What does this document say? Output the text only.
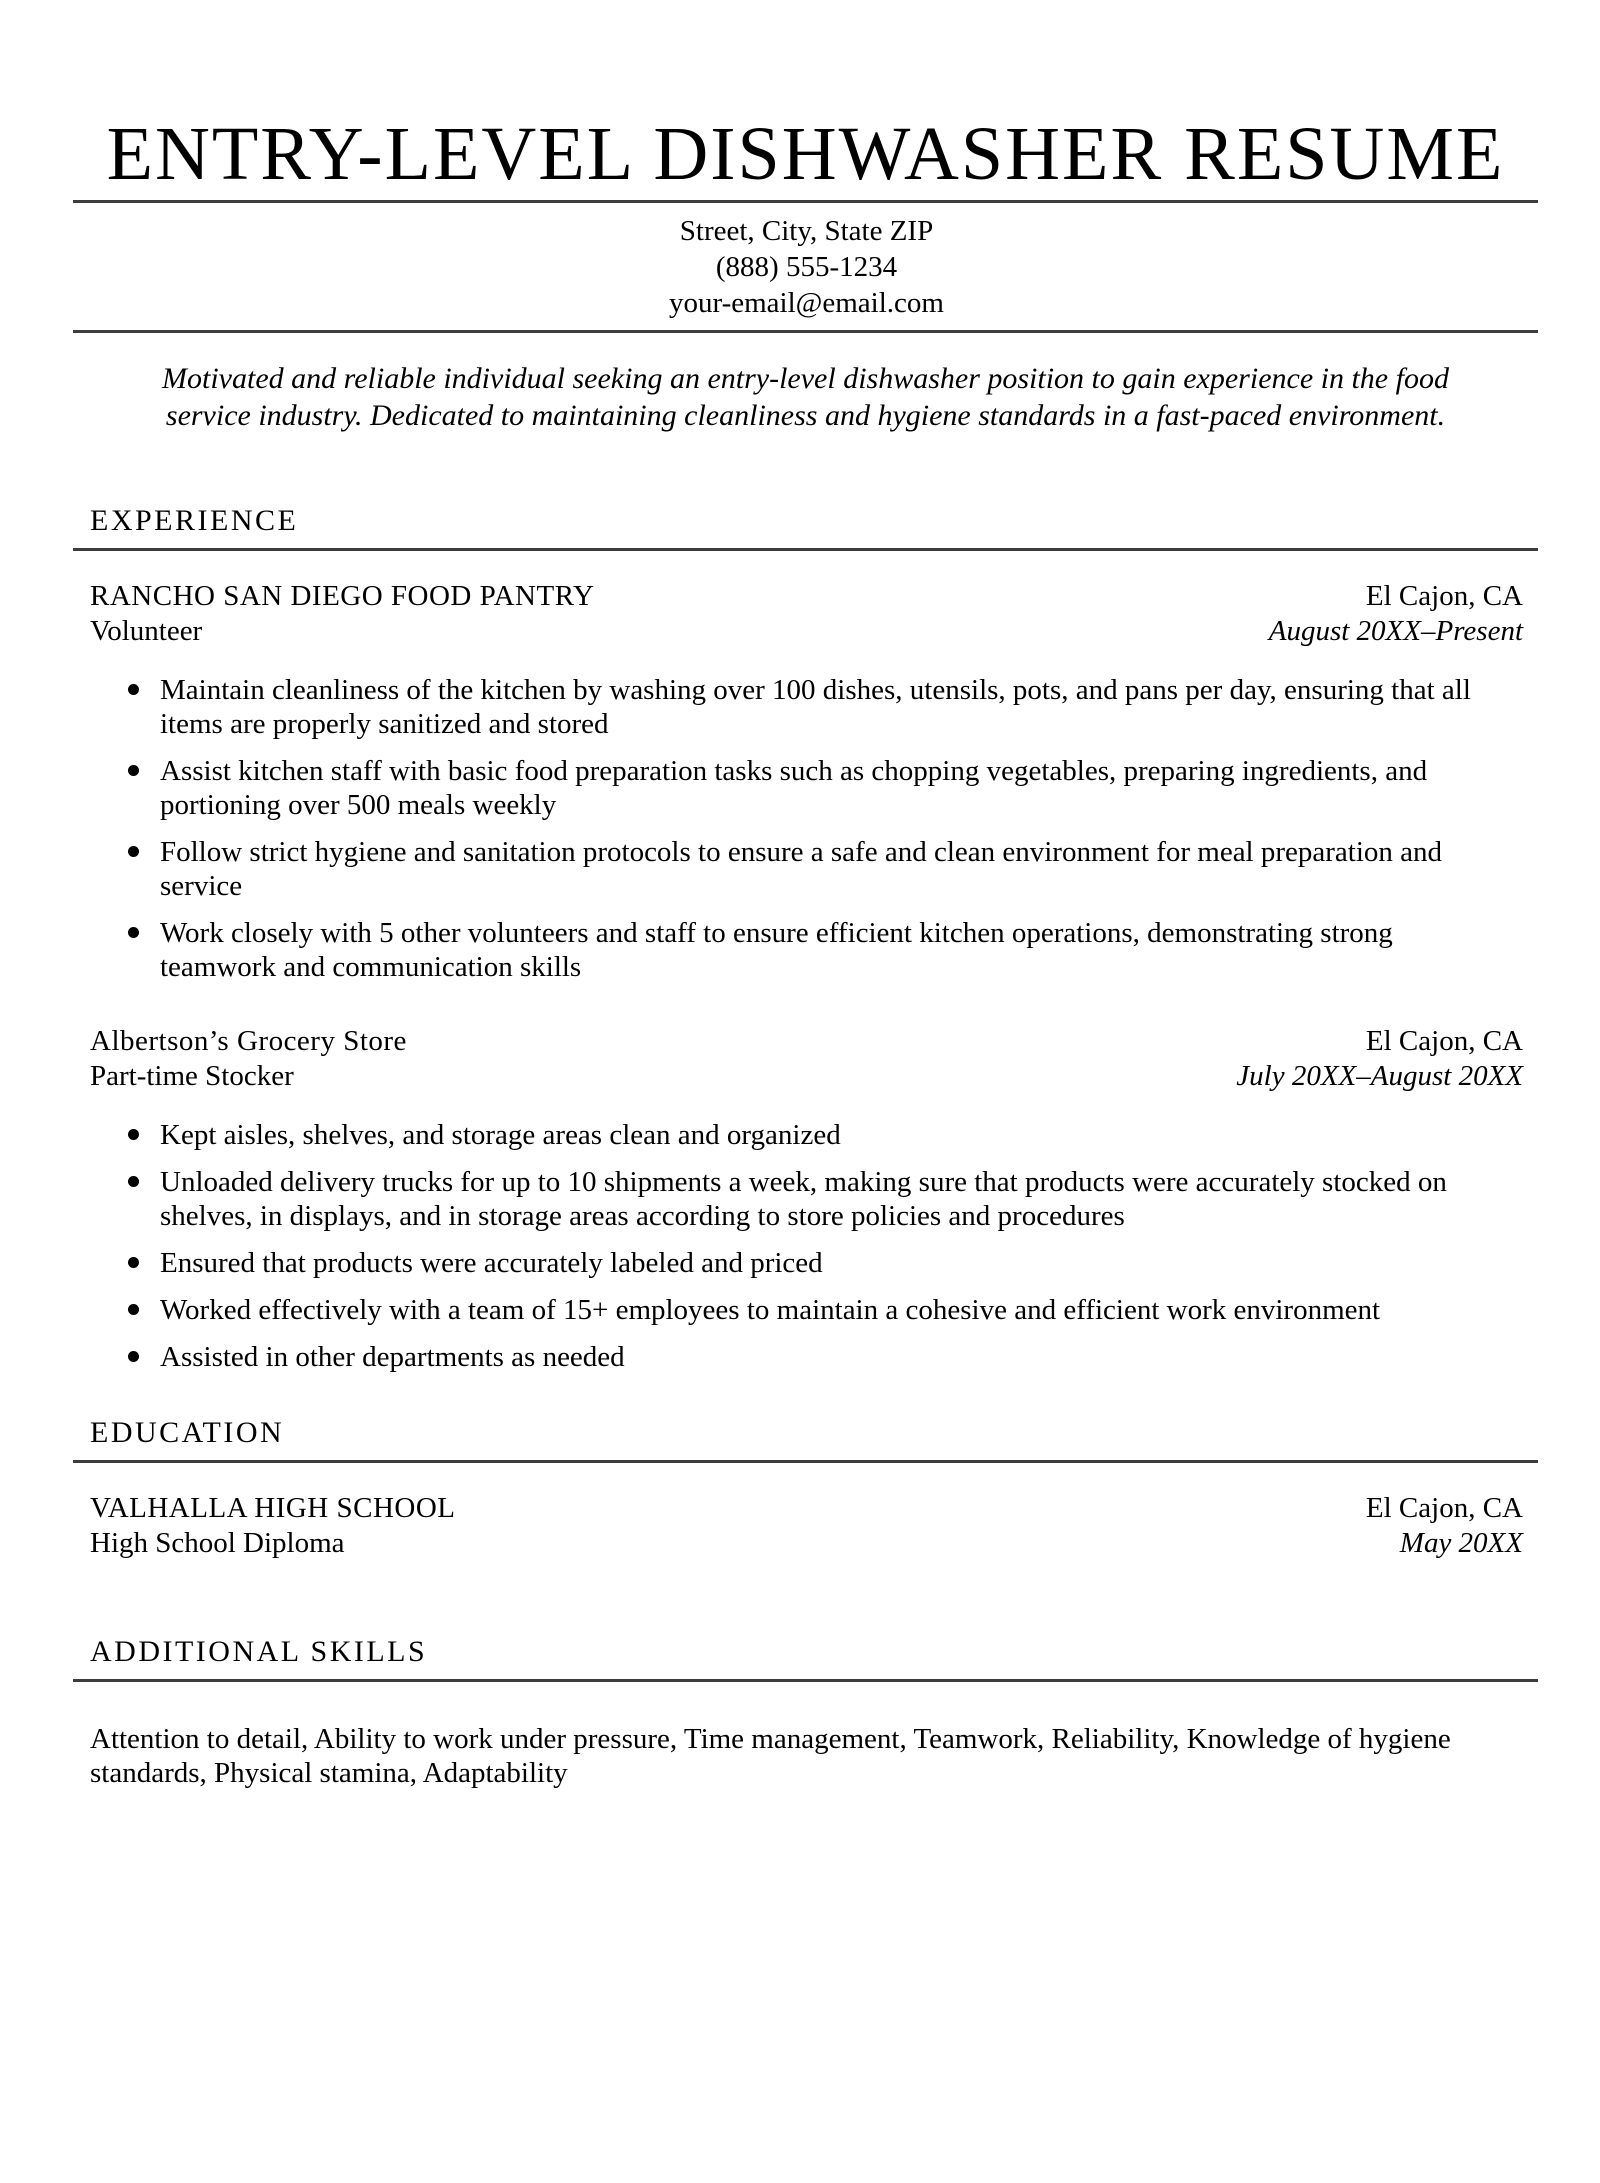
ENTRY-LEVEL DISHWASHER RESUME
Street, City, State ZIP
(888) 555-1234
your-email@email.com

Motivated and reliable individual seeking an entry-level dishwasher position to gain experience in the food service industry. Dedicated to maintaining cleanliness and hygiene standards in a fast-paced environment.

EXPERIENCE
RANCHO SAN DIEGO FOOD PANTRY	El Cajon, CA
Volunteer	August 20XX–Present
Maintain cleanliness of the kitchen by washing over 100 dishes, utensils, pots, and pans per day, ensuring that all items are properly sanitized and stored
Assist kitchen staff with basic food preparation tasks such as chopping vegetables, preparing ingredients, and portioning over 500 meals weekly
Follow strict hygiene and sanitation protocols to ensure a safe and clean environment for meal preparation and service
Work closely with 5 other volunteers and staff to ensure efficient kitchen operations, demonstrating strong teamwork and communication skills
Albertson’s Grocery Store	El Cajon, CA
Part-time Stocker	July 20XX–August 20XX
Kept aisles, shelves, and storage areas clean and organized
Unloaded delivery trucks for up to 10 shipments a week, making sure that products were accurately stocked on shelves, in displays, and in storage areas according to store policies and procedures
Ensured that products were accurately labeled and priced
Worked effectively with a team of 15+ employees to maintain a cohesive and efficient work environment
Assisted in other departments as needed
EDUCATION
VALHALLA HIGH SCHOOL	El Cajon, CA
High School Diploma	May 20XX
ADDITIONAL SKILLS

Attention to detail, Ability to work under pressure, Time management, Teamwork, Reliability, Knowledge of hygiene standards, Physical stamina, Adaptability
